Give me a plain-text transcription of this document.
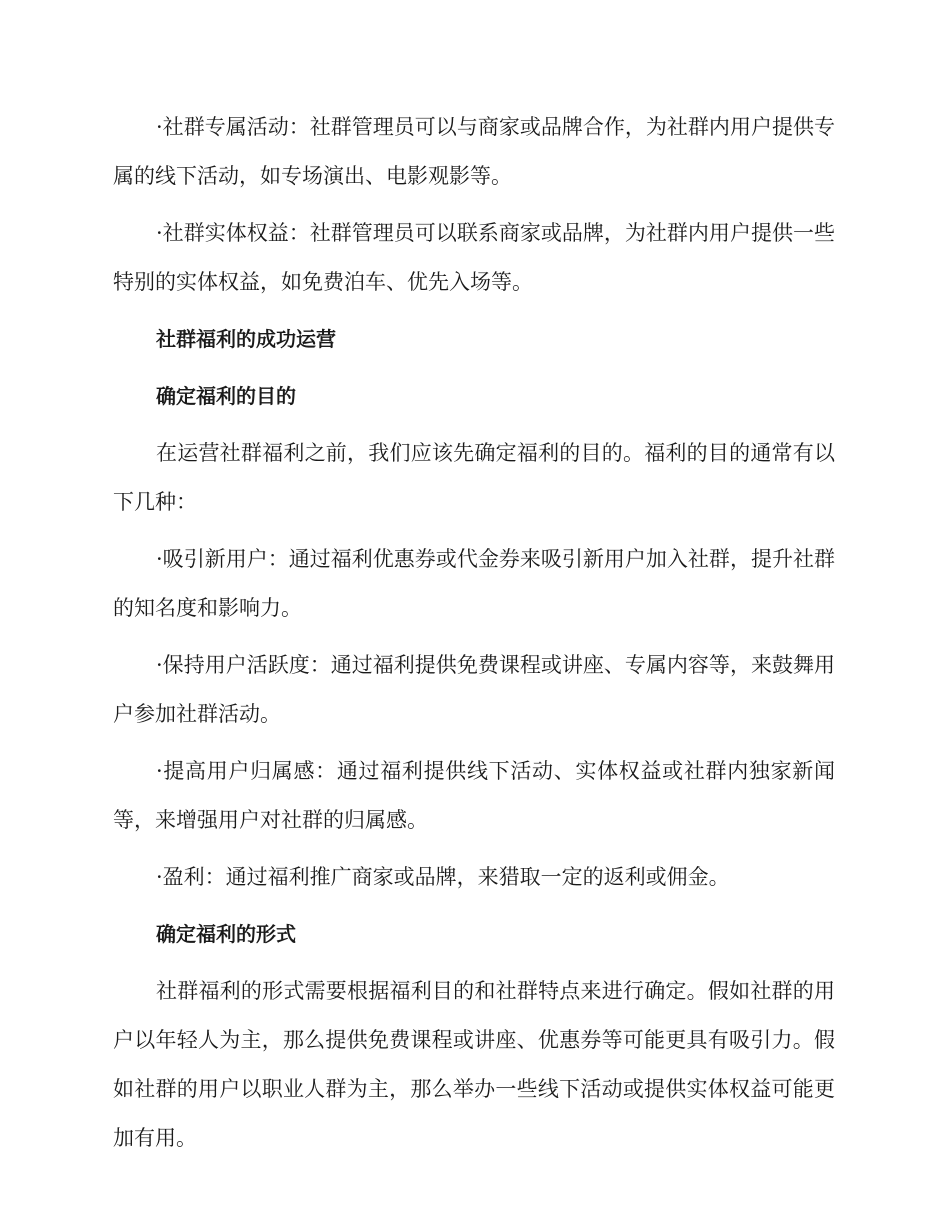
·社群专属活动：社群管理员可以与商家或品牌合作，为社群内用户提供专属的线下活动，如专场演出、电影观影等。

·社群实体权益：社群管理员可以联系商家或品牌，为社群内用户提供一些特别的实体权益，如免费泊车、优先入场等。

社群福利的成功运营

确定福利的目的

在运营社群福利之前，我们应该先确定福利的目的。福利的目的通常有以下几种：

·吸引新用户：通过福利优惠券或代金券来吸引新用户加入社群，提升社群的知名度和影响力。

·保持用户活跃度：通过福利提供免费课程或讲座、专属内容等，来鼓舞用户参加社群活动。

·提高用户归属感：通过福利提供线下活动、实体权益或社群内独家新闻等，来增强用户对社群的归属感。

·盈利：通过福利推广商家或品牌，来猎取一定的返利或佣金。

确定福利的形式

社群福利的形式需要根据福利目的和社群特点来进行确定。假如社群的用户以年轻人为主，那么提供免费课程或讲座、优惠券等可能更具有吸引力。假如社群的用户以职业人群为主，那么举办一些线下活动或提供实体权益可能更加有用。
